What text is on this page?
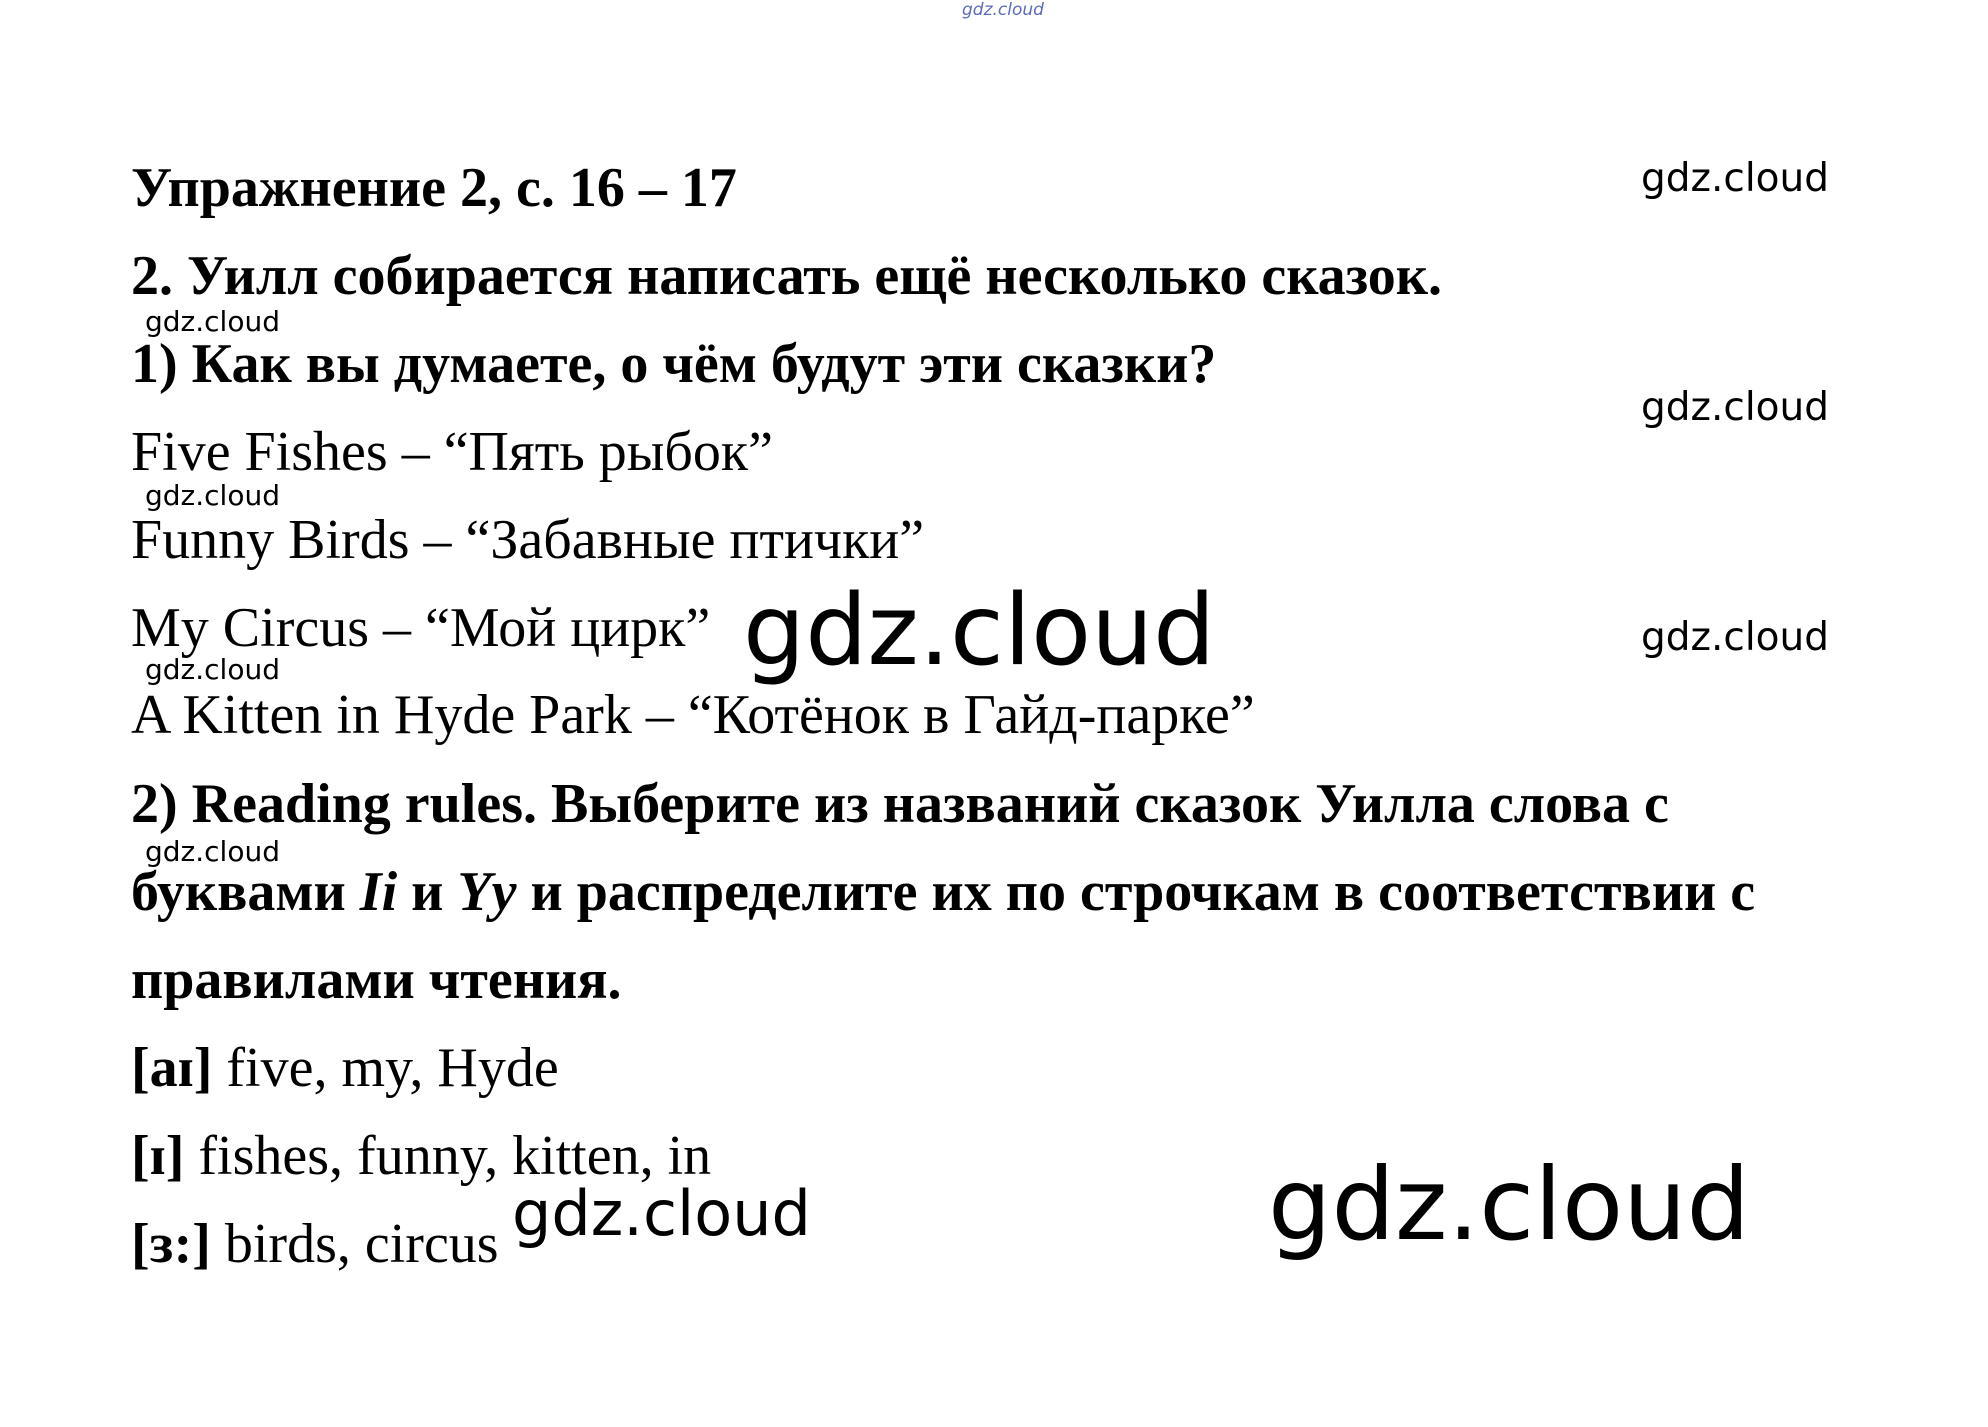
gdz.cloud
Упражнение 2, с. 16 – 17
2. Уилл собирается написать ещё несколько сказок.
1) Как вы думаете, о чём будут эти сказки?
Five Fishes – “Пять рыбок”
Funny Birds – “Забавные птички”
My Circus – “Мой цирк”
A Kitten in Hyde Park – “Котёнок в Гайд-парке”
2) Reading rules. Выберите из названий сказок Уилла слова с
буквами Ii и Yy и распределите их по строчкам в соответствии с
правилами чтения.
[aɪ] five, my, Hyde
[ɪ] fishes, funny, kitten, in
[ɜ:] birds, circus
gdz.cloud
gdz.cloud
gdz.cloud
gdz.cloud
gdz.cloud
gdz.cloud
gdz.cloud
gdz.cloud
gdz.cloud	gdz.cloud
